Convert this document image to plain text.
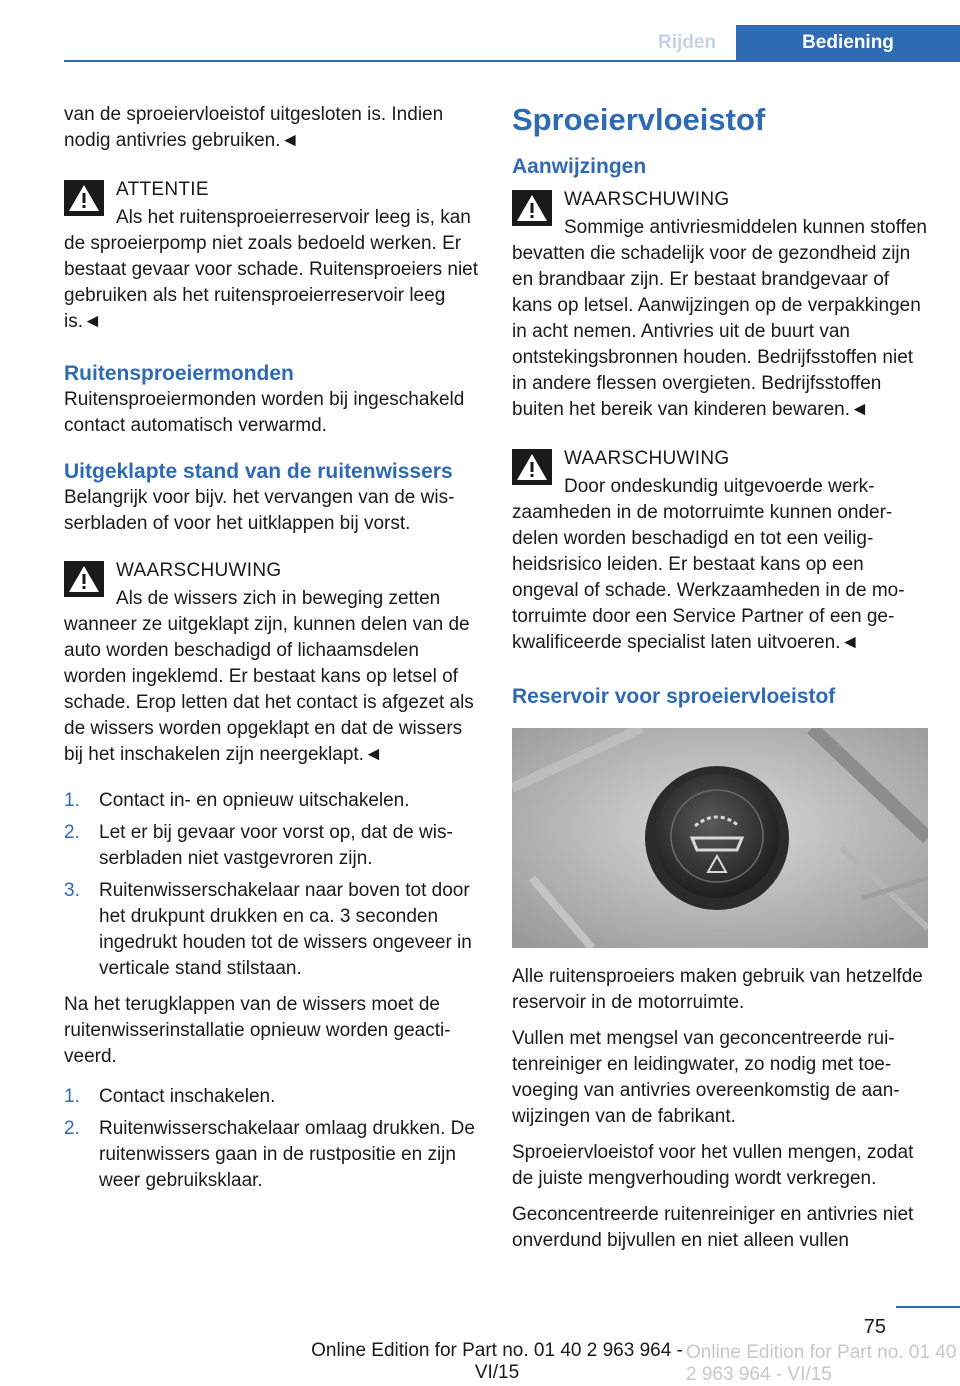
Rijden	Bediening

van de sproeiervloeistof uitgesloten is. Indien nodig antivries gebruiken.◄

ATTENTIE

Als het ruitensproeierreservoir leeg is, kan de sproeierpomp niet zoals bedoeld werken. Er bestaat gevaar voor schade. Ruitensproeiers niet gebruiken als het ruitensproeierreservoir leeg is.◄

Ruitensproeiermonden

Ruitensproeiermonden worden bij ingeschakeld contact automatisch verwarmd.

Uitgeklapte stand van de ruitenwissers

Belangrijk voor bijv. het vervangen van de wisserbladen of voor het uitklappen bij vorst.

WAARSCHUWING

Als de wissers zich in beweging zetten wanneer ze uitgeklapt zijn, kunnen delen van de auto worden beschadigd of lichaamsdelen worden ingeklemd. Er bestaat kans op letsel of schade. Erop letten dat het contact is afgezet als de wissers worden opgeklapt en dat de wissers bij het inschakelen zijn neergeklapt.◄

1. Contact in- en opnieuw uitschakelen.
2. Let er bij gevaar voor vorst op, dat de wisserbladen niet vastgevroren zijn.
3. Ruitenwisserschakelaar naar boven tot door het drukpunt drukken en ca. 3 seconden ingedrukt houden tot de wissers ongeveer in verticale stand stilstaan.

Na het terugklappen van de wissers moet de ruitenwisserinstallatie opnieuw worden geactiveerd.

1. Contact inschakelen.
2. Ruitenwisserschakelaar omlaag drukken. De ruitenwissers gaan in de rustpositie en zijn weer gebruiksklaar.
Sproeiervloeistof
Aanwijzingen
WAARSCHUWING

Sommige antivriesmiddelen kunnen stoffen bevatten die schadelijk voor de gezondheid zijn en brandbaar zijn. Er bestaat brandgevaar of kans op letsel. Aanwijzingen op de verpakkingen in acht nemen. Antivries uit de buurt van ontstekingsbronnen houden. Bedrijfsstoffen niet in andere flessen overgieten. Bedrijfsstoffen buiten het bereik van kinderen bewaren.◄

WAARSCHUWING

Door ondeskundig uitgevoerde werkzaamheden in de motorruimte kunnen onderdelen worden beschadigd en tot een veiligheidsrisico leiden. Er bestaat kans op een ongeval of schade. Werkzaamheden in de motorruimte door een Service Partner of een gekwalificeerde specialist laten uitvoeren.◄

Reservoir voor sproeiervloeistof

Alle ruitensproeiers maken gebruik van hetzelfde reservoir in de motorruimte.

Vullen met mengsel van geconcentreerde ruitenreiniger en leidingwater, zo nodig met toevoeging van antivries overeenkomstig de aanwijzingen van de fabrikant.

Sproeiervloeistof voor het vullen mengen, zodat de juiste mengverhouding wordt verkregen.

Geconcentreerde ruitenreiniger en antivries niet onverdund bijvullen en niet alleen vullen

75
Online Edition for Part no. 01 40 2 963 964 - VI/15
Online Edition for Part no. 01 40 2 963 964 - VI/15
